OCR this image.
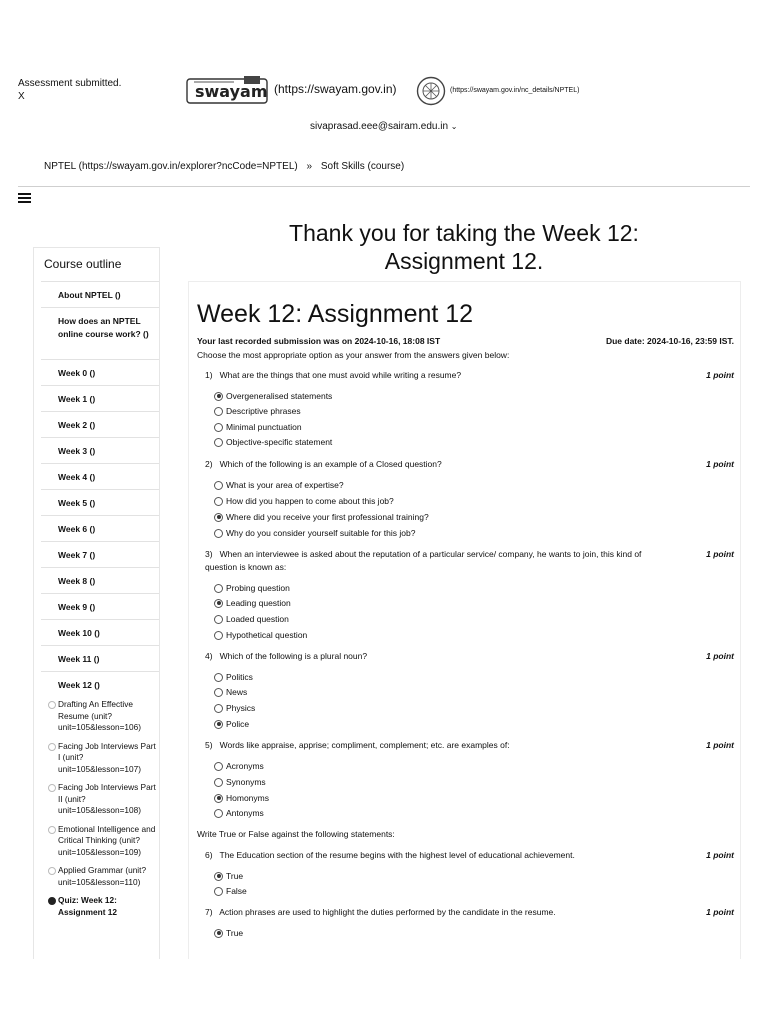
Assessment submitted.
X	swayam (https://swayam.gov.in)	(https://swayam.gov.in/nc_details/NPTEL)
sivaprasad.eee@sairam.edu.in ⌄
NPTEL (https://swayam.gov.in/explorer?ncCode=NPTEL) » Soft Skills (course)
Course outline
About NPTEL ()
How does an NPTEL online course work? ()
Week 0 ()
Week 1 ()
Week 2 ()
Week 3 ()
Week 4 ()
Week 5 ()
Week 6 ()
Week 7 ()
Week 8 ()
Week 9 ()
Week 10 ()
Week 11 ()
Week 12 ()
Drafting An Effective Resume (unit?unit=105&lesson=106)
Facing Job Interviews Part I (unit?unit=105&lesson=107)
Facing Job Interviews Part II (unit?unit=105&lesson=108)
Emotional Intelligence and Critical Thinking (unit?unit=105&lesson=109)
Applied Grammar (unit?unit=105&lesson=110)
Quiz: Week 12: Assignment 12
Thank you for taking the Week 12:
Assignment 12.
Week 12: Assignment 12
Your last recorded submission was on 2024-10-16, 18:08 IST	Due date: 2024-10-16, 23:59 IST.
Choose the most appropriate option as your answer from the answers given below:
1) What are the things that one must avoid while writing a resume?	1 point
Overgeneralised statements
Descriptive phrases
Minimal punctuation
Objective-specific statement
2) Which of the following is an example of a Closed question?	1 point
What is your area of expertise?
How did you happen to come about this job?
Where did you receive your first professional training?
Why do you consider yourself suitable for this job?
3) When an interviewee is asked about the reputation of a particular service/ company, he wants to join, this kind of question is known as:
1 point
Probing question
Leading question
Loaded question
Hypothetical question
4) Which of the following is a plural noun?	1 point
Politics
News
Physics
Police
5) Words like appraise, apprise; compliment, complement; etc. are examples of:	1 point
Acronyms
Synonyms
Homonyms
Antonyms
Write True or False against the following statements:
6) The Education section of the resume begins with the highest level of educational achievement.	1 point
True
False
7) Action phrases are used to highlight the duties performed by the candidate in the resume.	1 point
True
